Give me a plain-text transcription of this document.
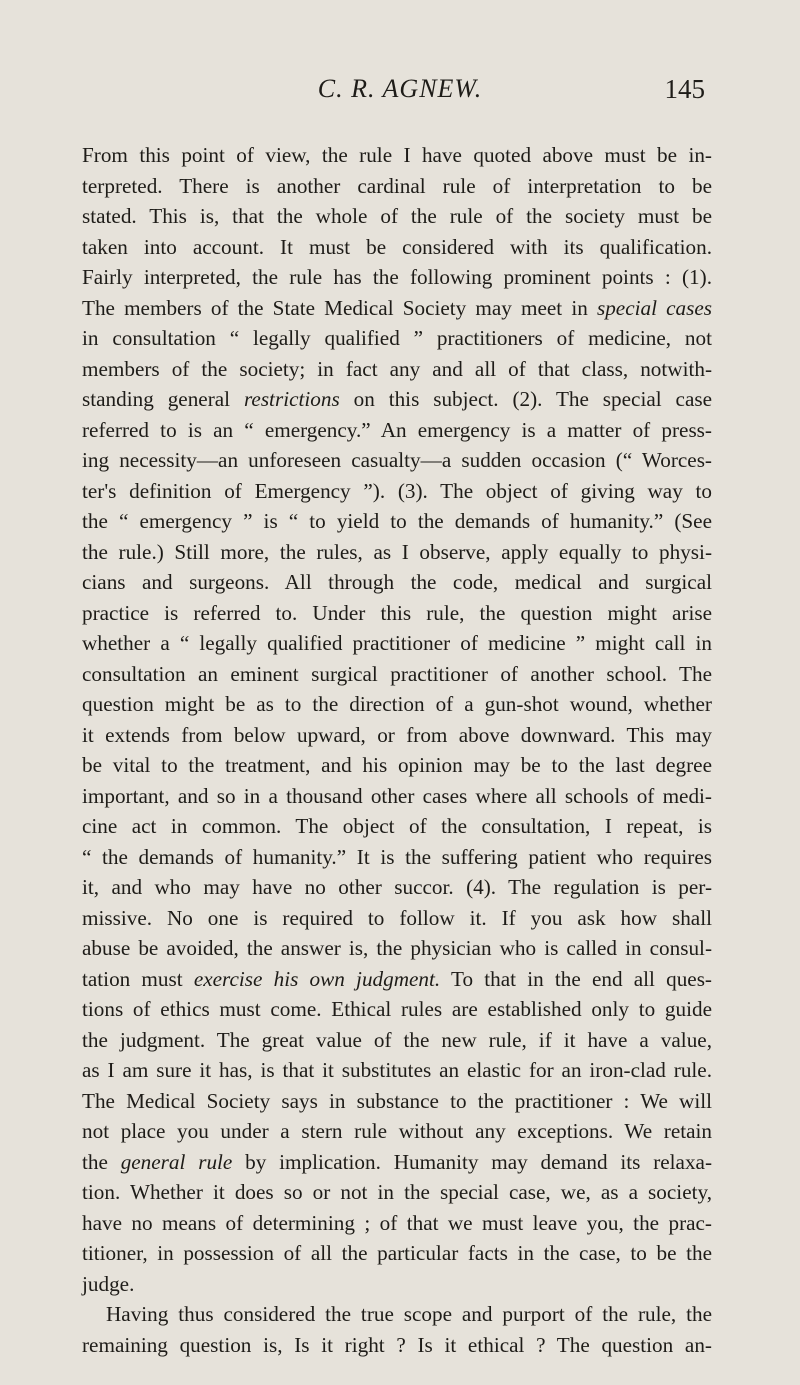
C. R. AGNEW.	145
From this point of view, the rule I have quoted above must be in-
terpreted. There is another cardinal rule of interpretation to be
stated. This is, that the whole of the rule of the society must be
taken into account. It must be considered with its qualification.
Fairly interpreted, the rule has the following prominent points : (1).
The members of the State Medical Society may meet in special cases
in consultation “ legally qualified ” practitioners of medicine, not
members of the society; in fact any and all of that class, notwith-
standing general restrictions on this subject. (2). The special case
referred to is an “ emergency.” An emergency is a matter of press-
ing necessity—an unforeseen casualty—a sudden occasion (“ Worces-
ter's definition of Emergency ”). (3). The object of giving way to
the “ emergency ” is “ to yield to the demands of humanity.” (See
the rule.) Still more, the rules, as I observe, apply equally to physi-
cians and surgeons. All through the code, medical and surgical
practice is referred to. Under this rule, the question might arise
whether a “ legally qualified practitioner of medicine ” might call in
consultation an eminent surgical practitioner of another school. The
question might be as to the direction of a gun-shot wound, whether
it extends from below upward, or from above downward. This may
be vital to the treatment, and his opinion may be to the last degree
important, and so in a thousand other cases where all schools of medi-
cine act in common. The object of the consultation, I repeat, is
“ the demands of humanity.” It is the suffering patient who requires
it, and who may have no other succor. (4). The regulation is per-
missive. No one is required to follow it. If you ask how shall
abuse be avoided, the answer is, the physician who is called in consul-
tation must exercise his own judgment. To that in the end all ques-
tions of ethics must come. Ethical rules are established only to guide
the judgment. The great value of the new rule, if it have a value,
as I am sure it has, is that it substitutes an elastic for an iron-clad rule.
The Medical Society says in substance to the practitioner : We will
not place you under a stern rule without any exceptions. We retain
the general rule by implication. Humanity may demand its relaxa-
tion. Whether it does so or not in the special case, we, as a society,
have no means of determining ; of that we must leave you, the prac-
titioner, in possession of all the particular facts in the case, to be the
judge.
Having thus considered the true scope and purport of the rule, the
remaining question is, Is it right ? Is it ethical ? The question an-
